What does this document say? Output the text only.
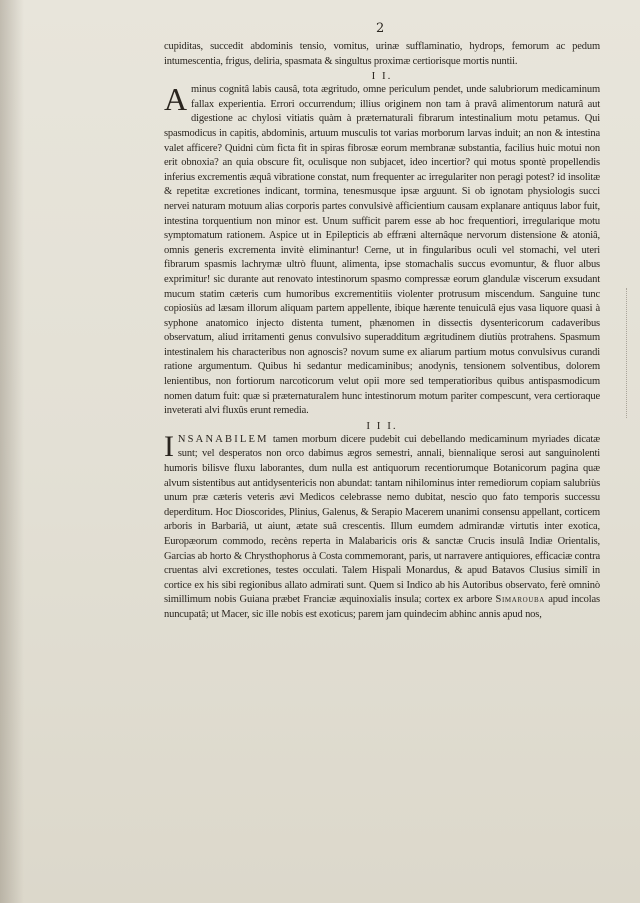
2

cupiditas, succedit abdominis tensio, vomitus, urinæ sufflaminatio, hydrops, femorum ac pedum intumescentia, frigus, deliria, spasmata & singultus proximæ certiorisque mortis nuntii.

I I.

Aminus cognitâ labis causâ, tota ægritudo, omne periculum pendet, unde salubriorum medicaminum fallax experientia. Errori occurrendum; illius originem non tam à pravâ alimentorum naturâ aut digestione ac chylosi vitiatis quàm à præternaturali fibrarum intestinalium motu petamus. Qui spasmodicus in capitis, abdominis, artuum musculis tot varias morborum larvas induit; an non & intestina valet afficere? Quidni cùm ficta fit in spiras fibrosæ eorum membranæ substantia, facilius huic motui non erit obnoxia? an quia obscure fit, oculisque non subjacet, ideo incertior? qui motus spontè propellendis inferius excrementis æquâ vibratione constat, num frequenter ac irregulariter non peragi potest? id insolitæ & repetitæ excretiones indicant, tormina, tenesmusque ipsæ arguunt. Si ob ignotam physiologis succi nervei naturam motuum alias corporis partes convulsivè afficientium causam explanare antiquus labor fuit, intestina torquentium non minor est. Unum sufficit parem esse ab hoc frequentiori, irregularique motu symptomatum rationem. Aspice ut in Epilepticis ab effræni alternâque nervorum distensione & atoniâ, omnis generis excrementa invitè eliminantur! Cerne, ut in fingularibus oculi vel stomachi, vel uteri fibrarum spasmis lachrymæ ultrò fluunt, alimenta, ipse stomachalis succus evomuntur, & fluor albus exprimitur! sic durante aut renovato intestinorum spasmo compressæ eorum glandulæ viscerum exsudant mucum statim cæteris cum humoribus excrementitiis violenter protrusum miscendum. Sanguine tunc copiosiùs ad læsam illorum aliquam partem appellente, ibique hærente tenuiculâ ejus vasa liquore quasi à syphone anatomico injecto distenta tument, phænomen in dissectis dysentericorum cadaveribus observatum, aliud irritamenti genus convulsivo superadditum ægritudinem diutiùs protrahens. Spasmum intestinalem his characteribus non agnoscis? novum sume ex aliarum partium motus convulsivus curandi ratione argumentum. Quibus hi sedantur medicaminibus; anodynis, tensionem solventibus, dolorem lenientibus, non fortiorum narcoticorum velut opii more sed temperatioribus quibus antispasmodicum nomen datum fuit: quæ si præternaturalem hunc intestinorum motum pariter compescunt, vera certioraque inveterati alvi fluxûs erunt remedia.

I I I.

INSANABILEM tamen morbum dicere pudebit cui debellando medicaminum myriades dicatæ sunt; vel desperatos non orco dabimus ægros semestri, annali, biennalique serosi aut sanguinolenti humoris bilisve fluxu laborantes, dum nulla est antiquorum recentiorumque Botanicorum pagina quæ alvum sistentibus aut antidysentericis non abundat: tantam nihilominus inter remediorum copiam salubriùs unum præ cæteris veteris ævi Medicos celebrasse nemo dubitat, nescio quo fato temporis successu deperditum. Hoc Dioscorides, Plinius, Galenus, & Serapio Macerem unanimi consensu appellant, corticem arboris in Barbariâ, ut aiunt, ætate suâ crescentis. Illum eumdem admirandæ virtutis inter exotica, Europæorum commodo, recèns reperta in Malabaricis oris & sanctæ Crucis insulâ Indiæ Orientalis, Garcias ab horto & Chrysthophorus à Costa commemorant, paris, ut narravere antiquiores, efficaciæ contra cruentas alvi excretiones, testes occulati. Talem Hispali Monardus, & apud Batavos Clusius similî in cortice ex his sibi regionibus allato admirati sunt. Quem si Indico ab his Autoribus observato, ferè omninò simillimum nobis Guiana præbet Franciæ æquinoxialis insula; cortex ex arbore Simarouba apud incolas nuncupatâ; ut Macer, sic ille nobis est exoticus; parem jam quindecim abhinc annis apud nos,
